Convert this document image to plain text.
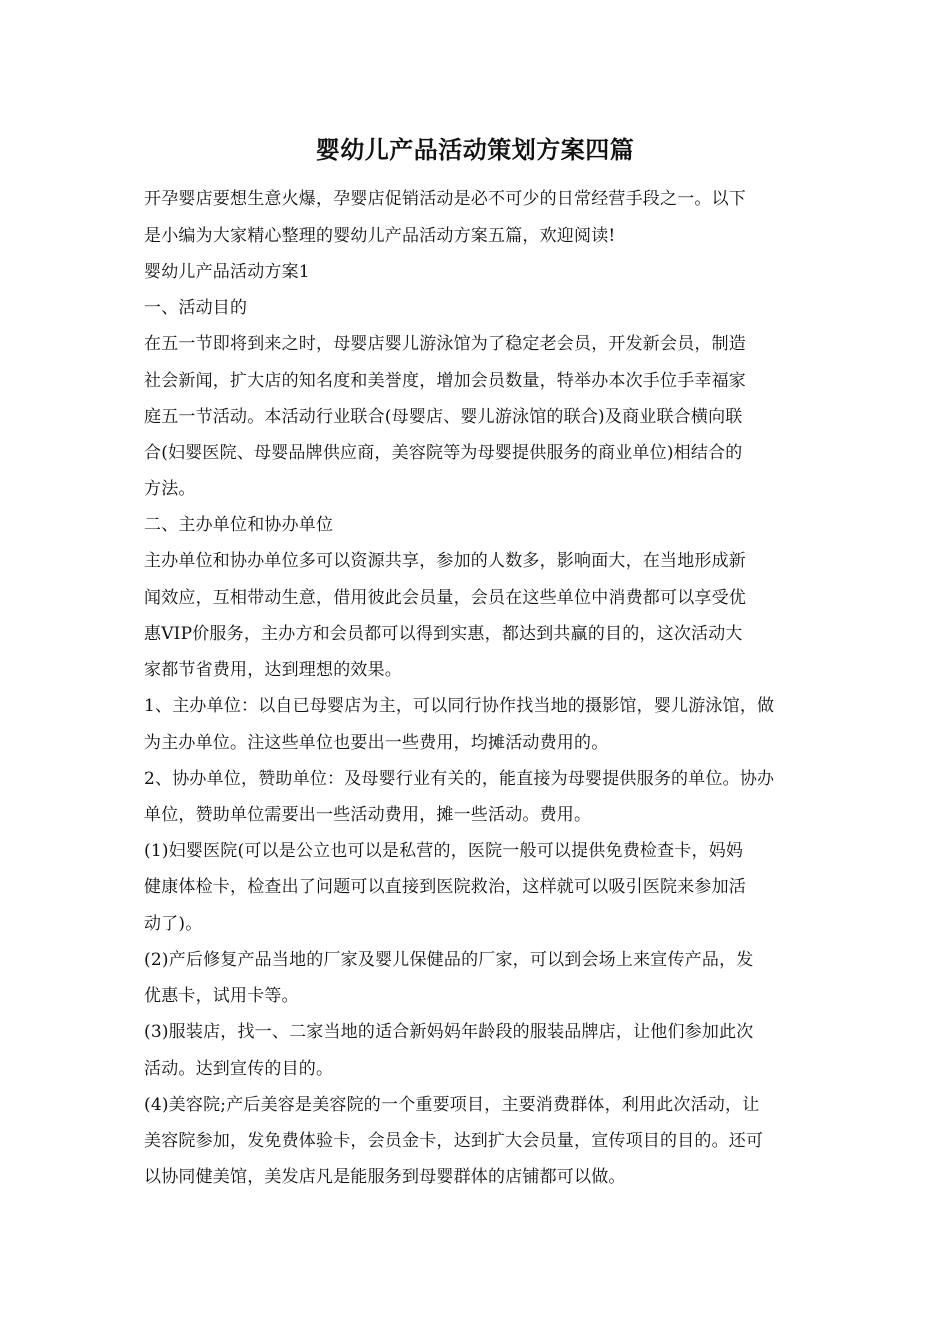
婴幼儿产品活动策划方案四篇
开孕婴店要想生意火爆，孕婴店促销活动是必不可少的日常经营手段之一。以下
是小编为大家精心整理的婴幼儿产品活动方案五篇，欢迎阅读!
婴幼儿产品活动方案1
一、活动目的
在五一节即将到来之时，母婴店婴儿游泳馆为了稳定老会员，开发新会员，制造
社会新闻，扩大店的知名度和美誉度，增加会员数量，特举办本次手位手幸福家
庭五一节活动。本活动行业联合(母婴店、婴儿游泳馆的联合)及商业联合横向联
合(妇婴医院、母婴品牌供应商，美容院等为母婴提供服务的商业单位)相结合的
方法。
二、主办单位和协办单位
主办单位和协办单位多可以资源共享，参加的人数多，影响面大，在当地形成新
闻效应，互相带动生意，借用彼此会员量，会员在这些单位中消费都可以享受优
惠VIP价服务，主办方和会员都可以得到实惠，都达到共赢的目的，这次活动大
家都节省费用，达到理想的效果。
1、主办单位：以自已母婴店为主，可以同行协作找当地的摄影馆，婴儿游泳馆，做
为主办单位。注这些单位也要出一些费用，均摊活动费用的。
2、协办单位，赞助单位：及母婴行业有关的，能直接为母婴提供服务的单位。协办
单位，赞助单位需要出一些活动费用，摊一些活动。费用。
(1)妇婴医院(可以是公立也可以是私营的，医院一般可以提供免费检查卡，妈妈
健康体检卡，检查出了问题可以直接到医院救治，这样就可以吸引医院来参加活
动了)。
(2)产后修复产品当地的厂家及婴儿保健品的厂家，可以到会场上来宣传产品，发
优惠卡，试用卡等。
(3)服装店，找一、二家当地的适合新妈妈年龄段的服装品牌店，让他们参加此次
活动。达到宣传的目的。
(4)美容院;产后美容是美容院的一个重要项目，主要消费群体，利用此次活动，让
美容院参加，发免费体验卡，会员金卡，达到扩大会员量，宣传项目的目的。还可
以协同健美馆，美发店凡是能服务到母婴群体的店铺都可以做。
